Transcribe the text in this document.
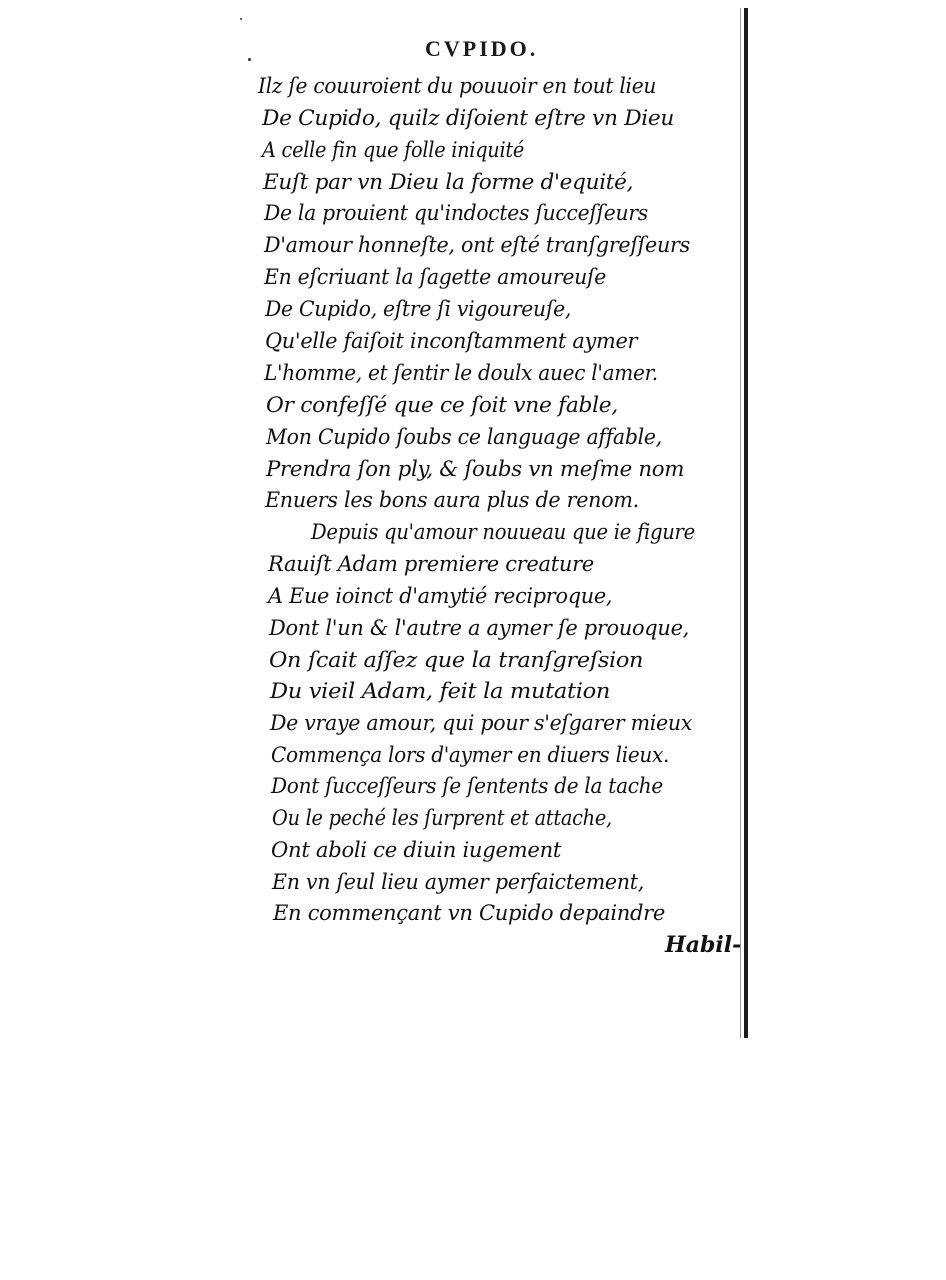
CVPIDO.
Ilz ſe couuroient du pouuoir en tout lieu
De Cupido, quilz diſoient eſtre vn Dieu
A celle fin que folle iniquité
Euſt par vn Dieu la forme d'equité,
De la prouient qu'indoctes ſucceſſeurs
D'amour honneſte, ont eſté tranſgreſſeurs
En eſcriuant la ſagette amoureuſe
De Cupido, eſtre ſi vigoureuſe,
Qu'elle faiſoit inconſtamment aymer
L'homme, et ſentir le doulx auec l'amer.
Or confeſſé que ce ſoit vne fable,
Mon Cupido ſoubs ce language affable,
Prendra ſon ply, & ſoubs vn meſme nom
Enuers les bons aura plus de renom.
Depuis qu'amour nouueau que ie figure
Rauiſt Adam premiere creature
A Eue ioinct d'amytié reciproque,
Dont l'un & l'autre a aymer ſe prouoque,
On ſcait aſſez que la tranſgreſsion
Du vieil Adam, feit la mutation
De vraye amour, qui pour s'eſgarer mieux
Commença lors d'aymer en diuers lieux.
Dont ſucceſſeurs ſe ſentents de la tache
Ou le peché les ſurprent et attache,
Ont aboli ce diuin iugement
En vn ſeul lieu aymer perfaictement,
En commençant vn Cupido depaindre
Habil-
